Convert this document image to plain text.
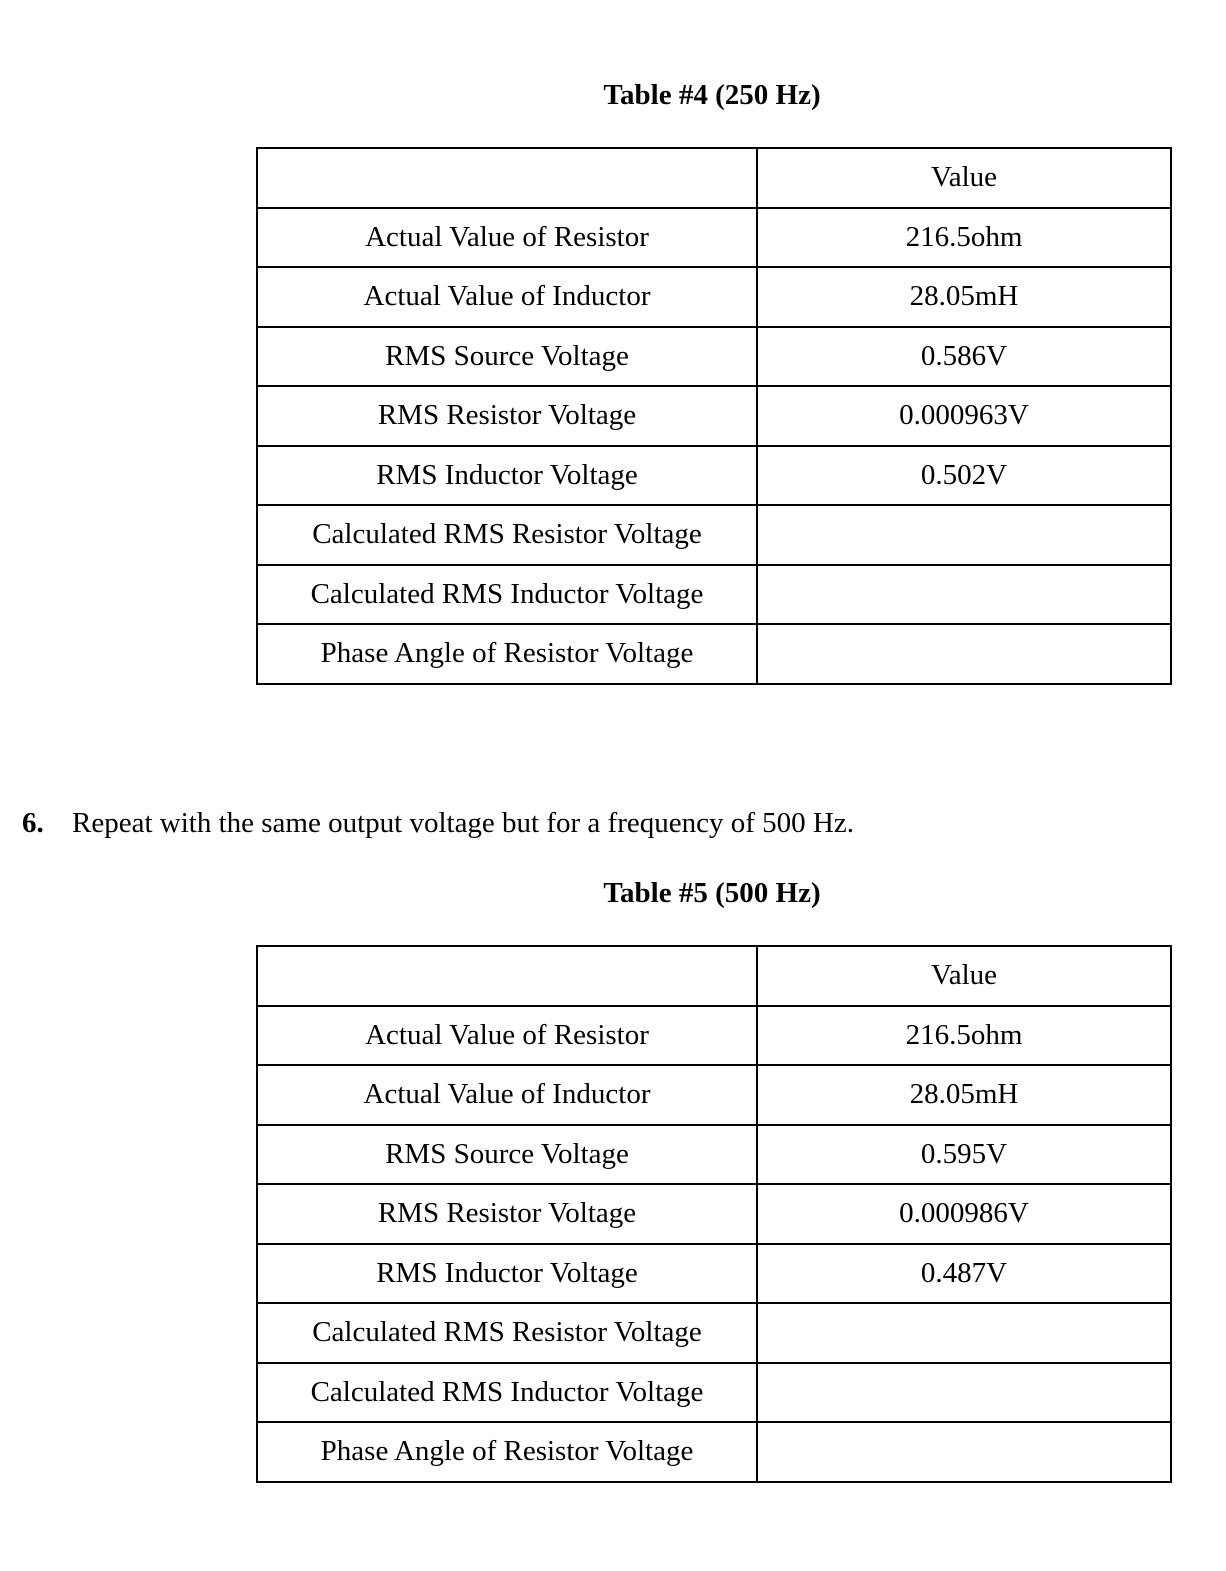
Table #4 (250 Hz)
	Value
Actual Value of Resistor	216.5ohm
Actual Value of Inductor	28.05mH
RMS Source Voltage	0.586V
RMS Resistor Voltage	0.000963V
RMS Inductor Voltage	0.502V
Calculated RMS Resistor Voltage	
Calculated RMS Inductor Voltage	
Phase Angle of Resistor Voltage	
6. Repeat with the same output voltage but for a frequency of 500 Hz.
Table #5 (500 Hz)
	Value
Actual Value of Resistor	216.5ohm
Actual Value of Inductor	28.05mH
RMS Source Voltage	0.595V
RMS Resistor Voltage	0.000986V
RMS Inductor Voltage	0.487V
Calculated RMS Resistor Voltage	
Calculated RMS Inductor Voltage	
Phase Angle of Resistor Voltage	
